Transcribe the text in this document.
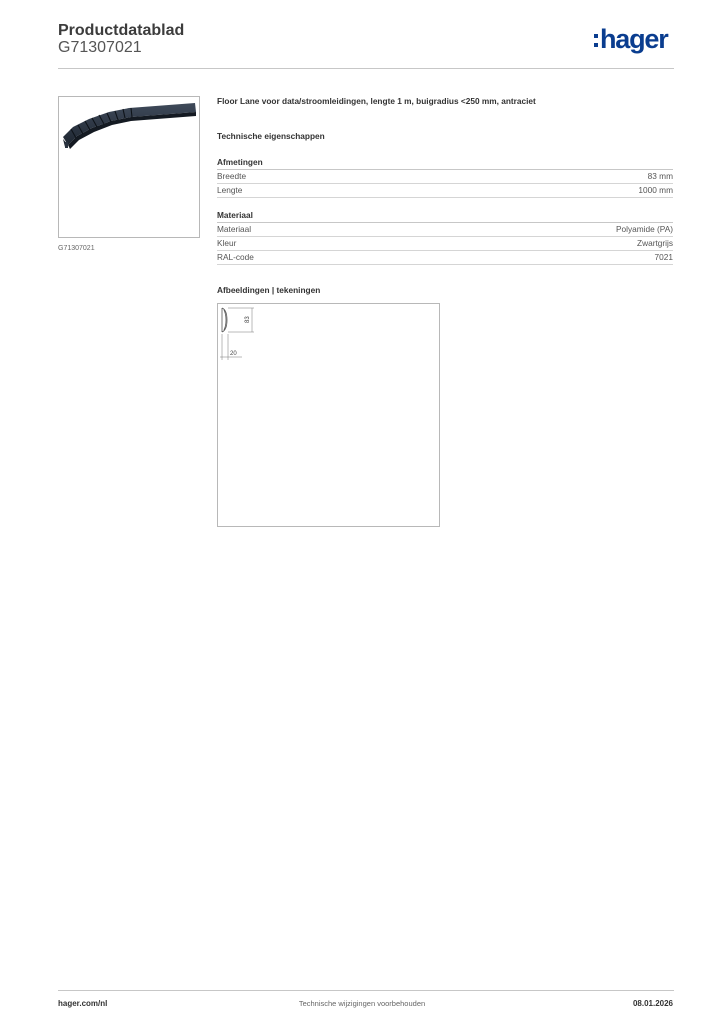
Productdatablad
G71307021	hager
G71307021
Floor Lane voor data/stroomleidingen, lengte 1 m, buigradius <250 mm, antraciet
Technische eigenschappen
Afmetingen
Breedte	83 mm
Lengte	1000 mm
Materiaal
Materiaal	Polyamide (PA)
Kleur	Zwartgrijs
RAL-code	7021
Afbeeldingen | tekeningen
83
20
hager.com/nl	Technische wijzigingen voorbehouden	08.01.2026
